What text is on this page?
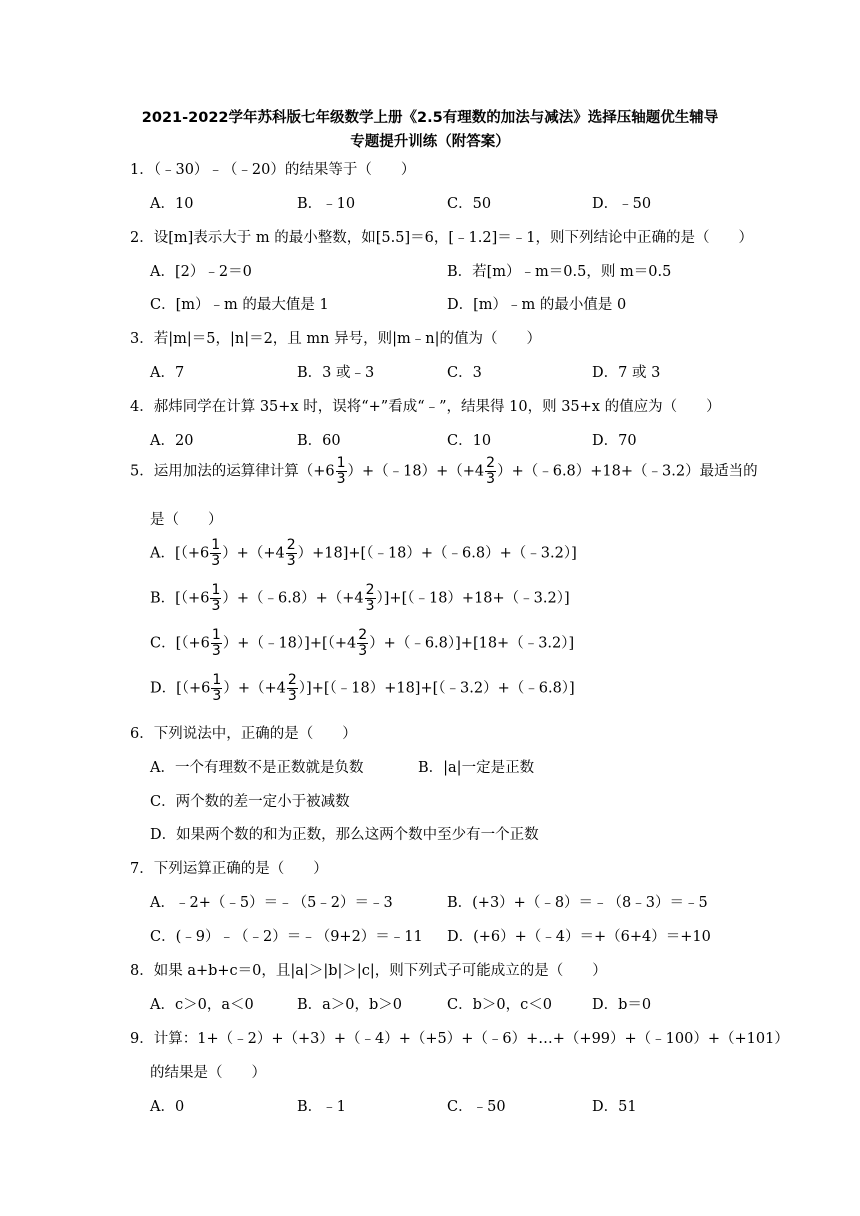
2021-2022学年苏科版七年级数学上册《2.5有理数的加法与减法》选择压轴题优生辅导
专题提升训练（附答案）
1．（﹣30）﹣（﹣20）的结果等于（　　）
A．10	B．﹣10	C．50	D．﹣50
2．设[m]表示大于 m 的最小整数，如[5.5]＝6，[﹣1.2]＝﹣1，则下列结论中正确的是（　　）
A．[2）﹣2＝0	B．若[m）﹣m＝0.5，则 m＝0.5
C．[m）﹣m 的最大值是 1	D．[m）﹣m 的最小值是 0
3．若|m|＝5，|n|＝2，且 mn 异号，则|m﹣n|的值为（　　）
A．7	B．3 或﹣3	C．3	D．7 或 3
4．郝炜同学在计算 35+x 时，误将“+”看成“﹣”，结果得 10，则 35+x 的值应为（　　）
A．20	B．60	C．10	D．70
5．运用加法的运算律计算（$+6 \frac{1}{3}$ ）+（﹣18）+（+4 $\frac{2}{3}$ ）+（﹣6.8）+18+（﹣3.2）最适当的
是（　　）
A．[$(+6 \frac{1}{3} )+(+4 \frac{2}{3}$ ）+18]+[（﹣18）+（﹣6.8）+（﹣3.2）]
B．[（$+6 \frac{1}{3}$ ）+（﹣6.8）+（+4 $\frac{2}{3}$ ）]+[（﹣18）+18+（﹣3.2）]
C．[（$+6 \frac{1}{3}$ ）+（﹣18）]+[（+4 $\frac{2}{3}$ ）+（﹣6.8）]+[18+（﹣3.2）]
D．[$(+6 \frac{1}{3} )+(+4 \frac{2}{3}$ ）]+[（﹣18）+18]+[（﹣3.2）+（﹣6.8）]
6．下列说法中，正确的是（　　）
A．一个有理数不是正数就是负数	B．|a|一定是正数
C．两个数的差一定小于被减数
D．如果两个数的和为正数，那么这两个数中至少有一个正数
7．下列运算正确的是（　　）
A．﹣2+（﹣5）＝﹣（5﹣2）＝﹣3	B．(+3）+（﹣8）＝﹣（8﹣3）＝﹣5
C．(﹣9）﹣（﹣2）＝﹣（9+2）＝﹣11 D．(+6）+（﹣4）＝+（6+4）＝+10
8．如果 a+b+c＝0，且|a|＞|b|＞|c|，则下列式子可能成立的是（　　）
A．c＞0，a＜0	B．a＞0，b＞0	C．b＞0，c＜0	D．b＝0
9．计算：1+（﹣2）+（+3）+（﹣4）+（+5）+（﹣6）+…+（+99）+（﹣100）+（+101）
的结果是（　　）
A．0	B．﹣1	C．﹣50	D．51
